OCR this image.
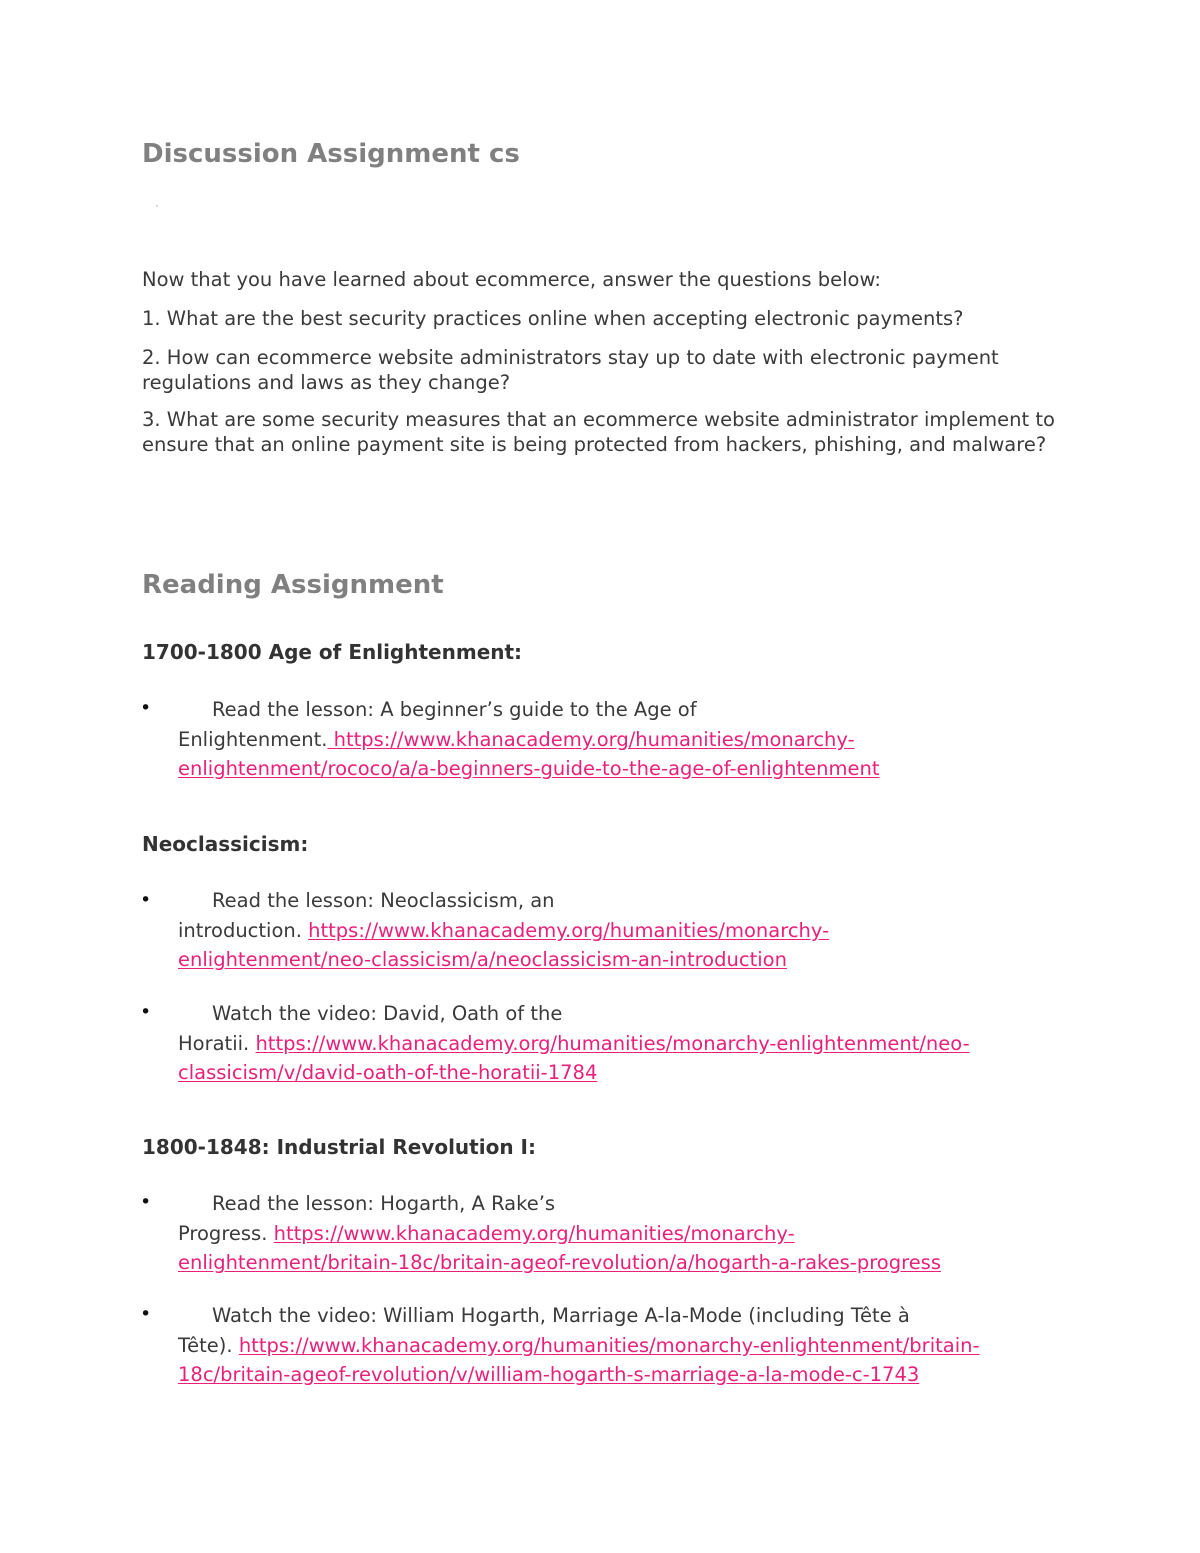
Discussion Assignment cs

Now that you have learned about ecommerce, answer the questions below:

1. What are the best security practices online when accepting electronic payments?

2. How can ecommerce website administrators stay up to date with electronic payment regulations and laws as they change?

3. What are some security measures that an ecommerce website administrator implement to ensure that an online payment site is being protected from hackers, phishing, and malware?

Reading Assignment
1700-1800 Age of Enlightenment:
•	Read the lesson: A beginner’s guide to the Age of
Enlightenment. https://www.khanacademy.org/humanities/monarchy-
enlightenment/rococo/a/a-beginners-guide-to-the-age-of-enlightenment

Neoclassicism:
•	Read the lesson: Neoclassicism, an
introduction. https://www.khanacademy.org/humanities/monarchy-
enlightenment/neo-classicism/a/neoclassicism-an-introduction

•	Watch the video: David, Oath of the
Horatii. https://www.khanacademy.org/humanities/monarchy-enlightenment/neo-
classicism/v/david-oath-of-the-horatii-1784

1800-1848: Industrial Revolution I:
•	Read the lesson: Hogarth, A Rake’s
Progress. https://www.khanacademy.org/humanities/monarchy-
enlightenment/britain-18c/britain-ageof-revolution/a/hogarth-a-rakes-progress

•	Watch the video: William Hogarth, Marriage A-la-Mode (including Tête à
Tête). https://www.khanacademy.org/humanities/monarchy-enlightenment/britain-
18c/britain-ageof-revolution/v/william-hogarth-s-marriage-a-la-mode-c-1743
